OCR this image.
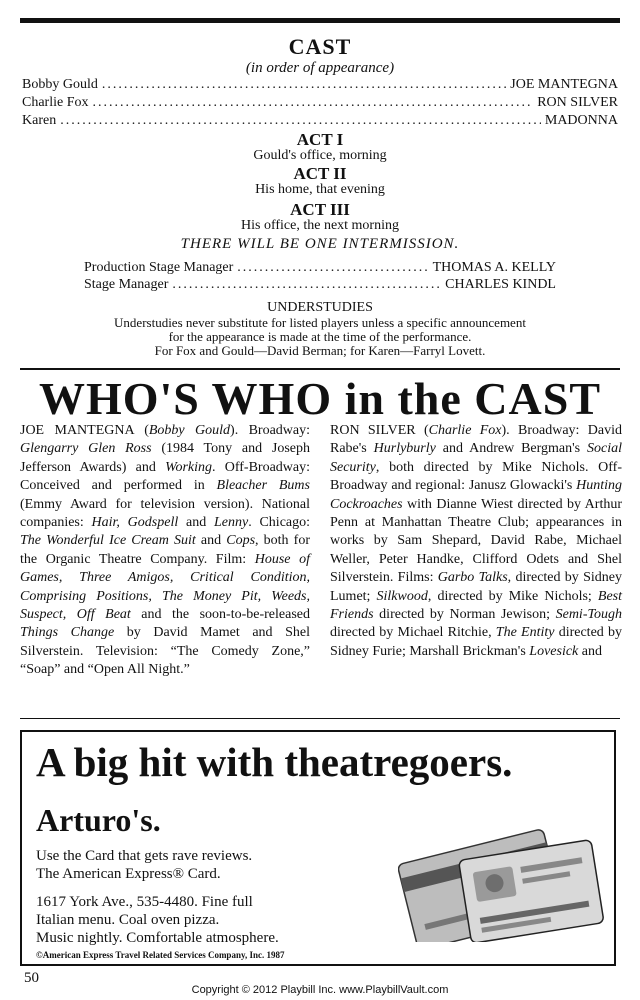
CAST
(in order of appearance)
Bobby Gould .....	JOE MANTEGNA
Charlie Fox .....	RON SILVER
Karen .....	MADONNA
ACT I
Gould's office, morning
ACT II
His home, that evening
ACT III
His office, the next morning
THERE WILL BE ONE INTERMISSION.
Production Stage Manager .....	THOMAS A. KELLY
Stage Manager .....	CHARLES KINDL
UNDERSTUDIES
Understudies never substitute for listed players unless a specific announcement
for the appearance is made at the time of the performance.
For Fox and Gould—David Berman; for Karen—Farryl Lovett.
WHO'S WHO in the CAST
JOE MANTEGNA (Bobby Gould). Broadway: Glengarry Glen Ross (1984 Tony and Joseph Jefferson Awards) and Working. Off-Broadway: Conceived and performed in Bleacher Bums (Emmy Award for television version). National companies: Hair, Godspell and Lenny. Chicago: The Wonderful Ice Cream Suit and Cops, both for the Organic Theatre Company. Film: House of Games, Three Amigos, Critical Condition, Comprising Positions, The Money Pit, Weeds, Suspect, Off Beat and the soon-to-be-released Things Change by David Mamet and Shel Silverstein. Television: “The Comedy Zone,” “Soap” and “Open All Night.”
RON SILVER (Charlie Fox). Broadway: David Rabe's Hurlyburly and Andrew Bergman's Social Security, both directed by Mike Nichols. Off-Broadway and regional: Janusz Glowacki's Hunting Cockroaches with Dianne Wiest directed by Arthur Penn at Manhattan Theatre Club; appearances in works by Sam Shepard, David Rabe, Michael Weller, Peter Handke, Clifford Odets and Shel Silverstein. Films: Garbo Talks, directed by Sidney Lumet; Silkwood, directed by Mike Nichols; Best Friends directed by Norman Jewison; Semi-Tough directed by Michael Ritchie, The Entity directed by Sidney Furie; Marshall Brickman's Lovesick and
A big hit with theatregoers.
Arturo's.
Use the Card that gets rave reviews.
The American Express® Card.
1617 York Ave., 535-4480. Fine full
Italian menu. Coal oven pizza.
Music nightly. Comfortable atmosphere.
©American Express Travel Related Services Company, Inc. 1987
50
Copyright © 2012 Playbill Inc. www.PlaybillVault.com
